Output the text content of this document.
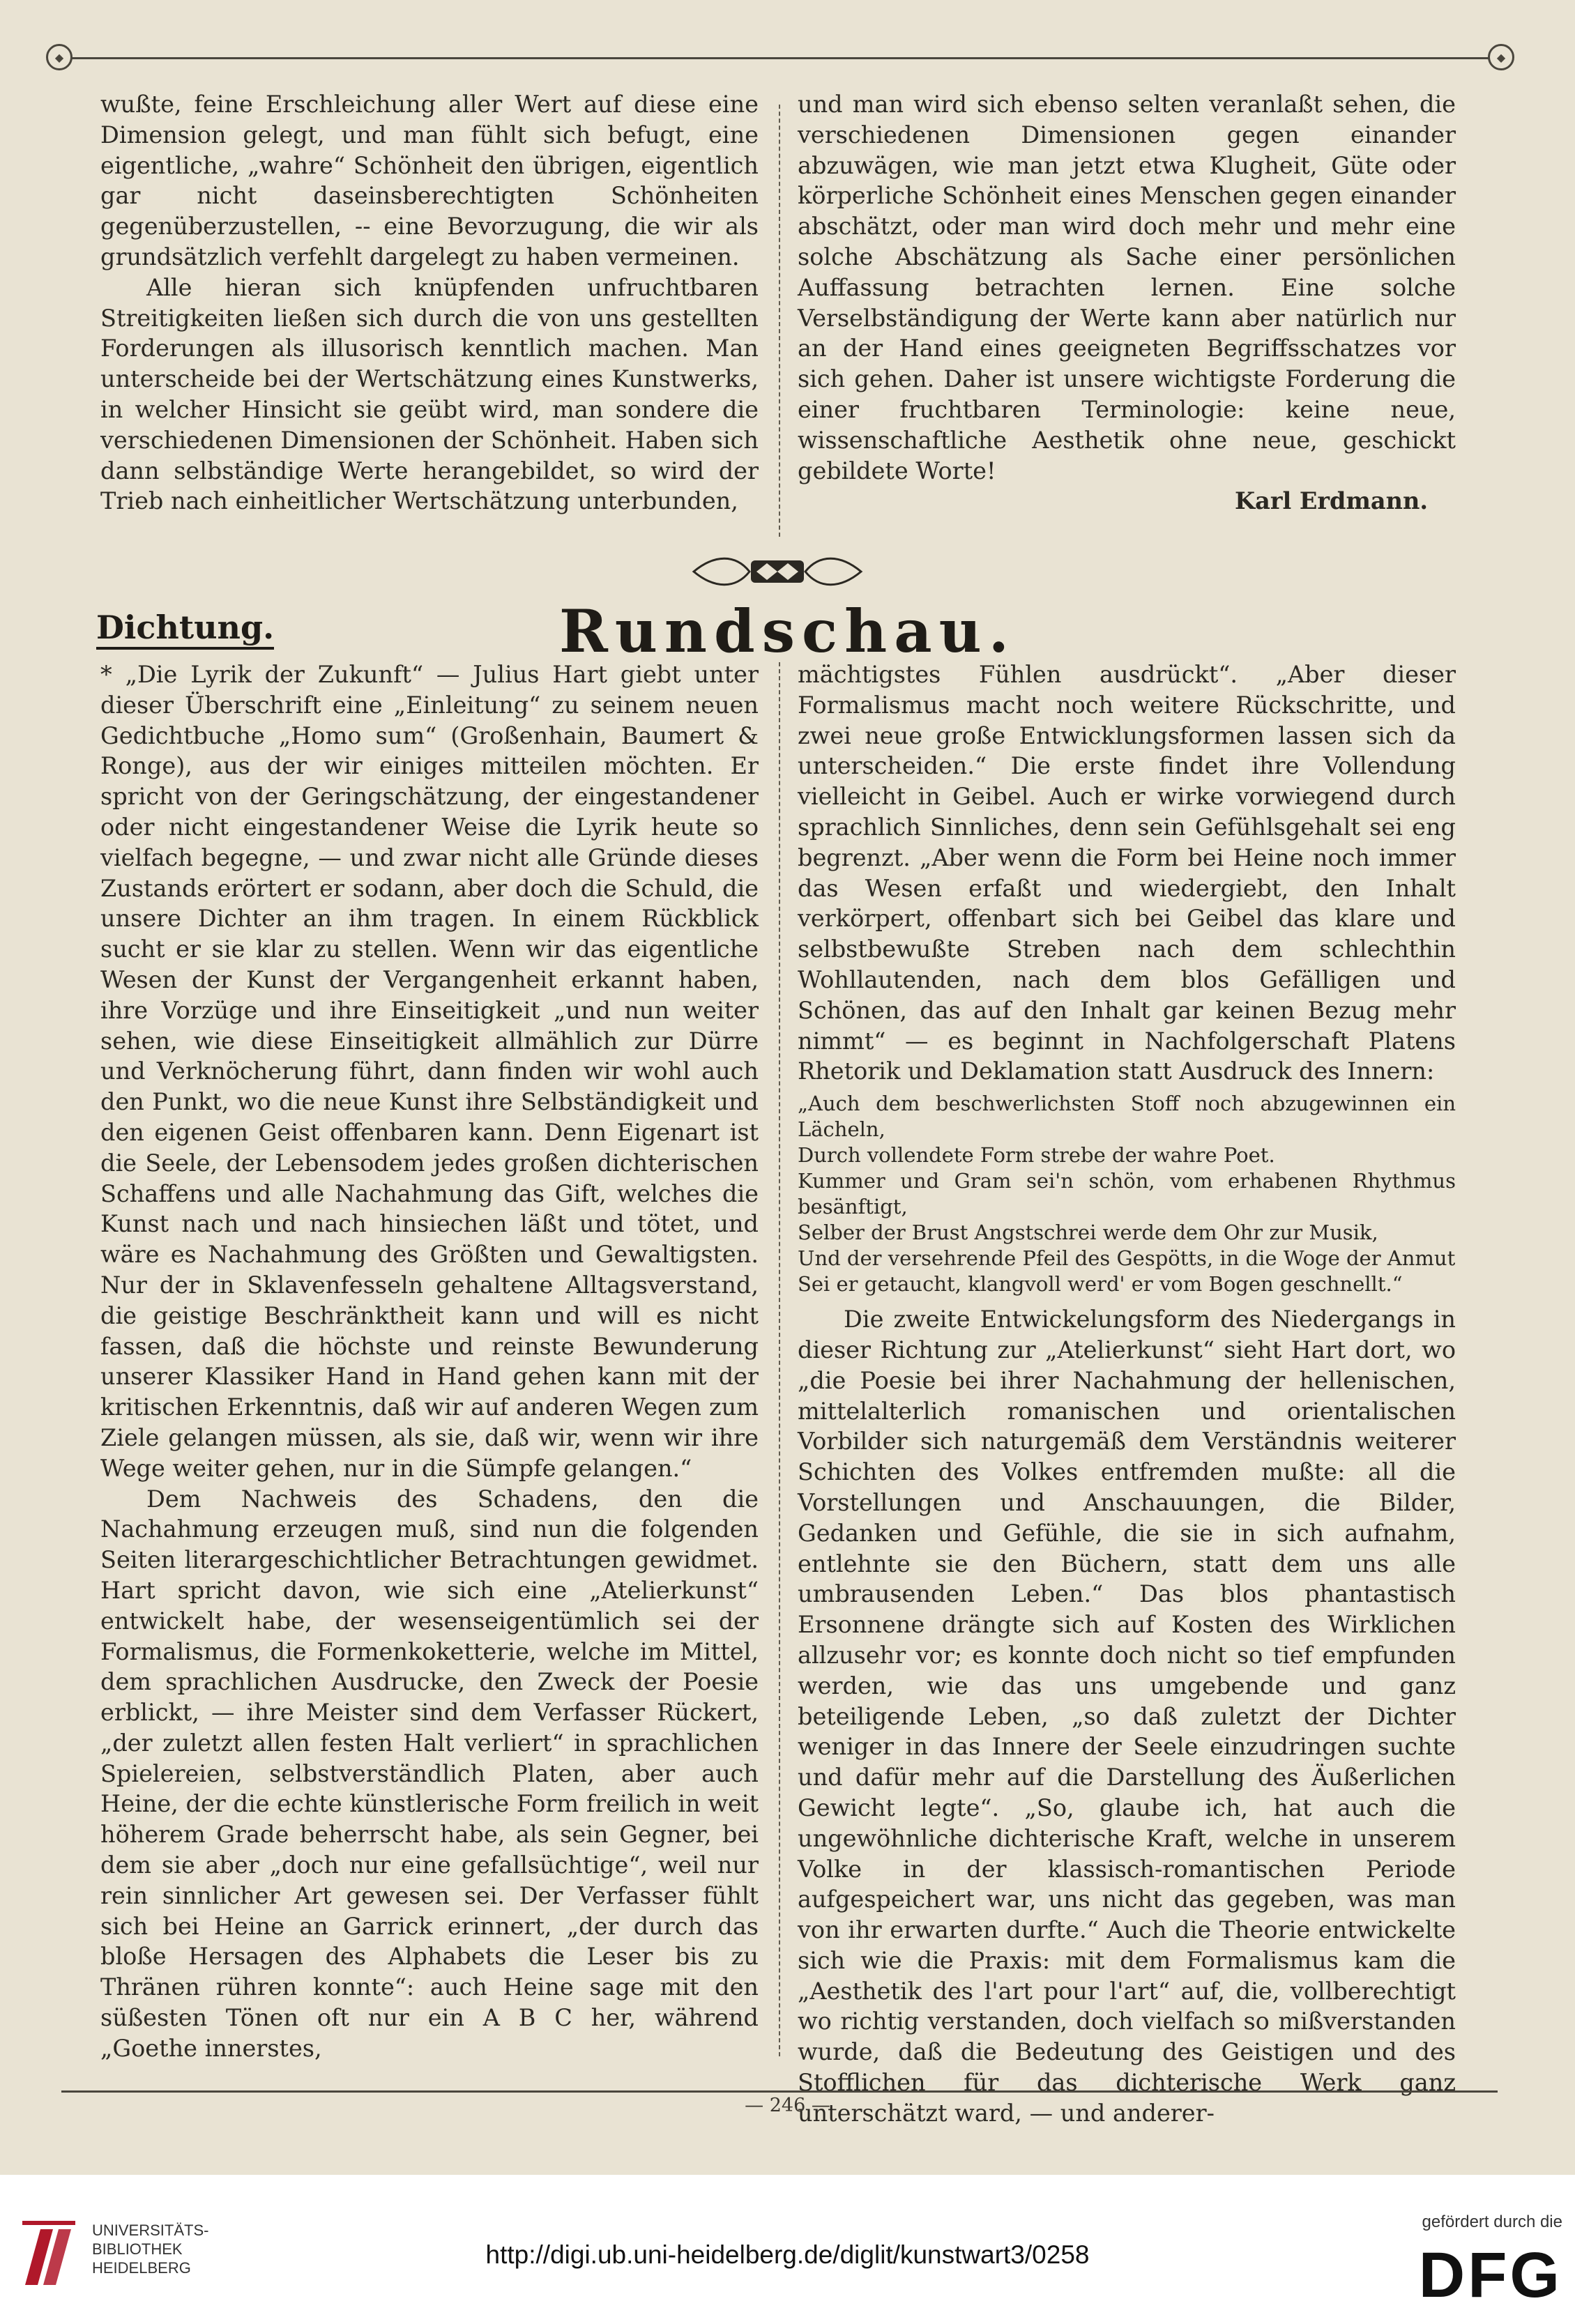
◆	◆

wußte, feine Erschleichung aller Wert auf diese eine Dimension gelegt, und man fühlt sich befugt, eine eigentliche, „wahre“ Schönheit den übrigen, eigentlich gar nicht daseinsberechtigten Schönheiten gegenüberzustellen, -- eine Bevorzugung, die wir als grundsätzlich verfehlt dargelegt zu haben vermeinen.

Alle hieran sich knüpfenden unfruchtbaren Streitigkeiten ließen sich durch die von uns gestellten Forderungen als illusorisch kenntlich machen. Man unterscheide bei der Wertschätzung eines Kunstwerks, in welcher Hinsicht sie geübt wird, man sondere die verschiedenen Dimensionen der Schönheit. Haben sich dann selbständige Werte herangebildet, so wird der Trieb nach einheitlicher Wertschätzung unterbunden,

und man wird sich ebenso selten veranlaßt sehen, die verschiedenen Dimensionen gegen einander abzuwägen, wie man jetzt etwa Klugheit, Güte oder körperliche Schönheit eines Menschen gegen einander abschätzt, oder man wird doch mehr und mehr eine solche Abschätzung als Sache einer persönlichen Auffassung betrachten lernen. Eine solche Verselbständigung der Werte kann aber natürlich nur an der Hand eines geeigneten Begriffsschatzes vor sich gehen. Daher ist unsere wichtigste Forderung die einer fruchtbaren Terminologie: keine neue, wissenschaftliche Aesthetik ohne neue, geschickt gebildete Worte!

Karl Erdmann.

Dichtung.	Rundschau.

* „Die Lyrik der Zukunft“ — Julius Hart giebt unter dieser Überschrift eine „Einleitung“ zu seinem neuen Gedichtbuche „Homo sum“ (Großenhain, Baumert & Ronge), aus der wir einiges mitteilen möchten. Er spricht von der Geringschätzung, der eingestandener oder nicht eingestandener Weise die Lyrik heute so vielfach begegne, — und zwar nicht alle Gründe dieses Zustands erörtert er sodann, aber doch die Schuld, die unsere Dichter an ihm tragen. In einem Rückblick sucht er sie klar zu stellen. Wenn wir das eigentliche Wesen der Kunst der Vergangenheit erkannt haben, ihre Vorzüge und ihre Einseitigkeit „und nun weiter sehen, wie diese Einseitigkeit allmählich zur Dürre und Verknöcherung führt, dann finden wir wohl auch den Punkt, wo die neue Kunst ihre Selbständigkeit und den eigenen Geist offenbaren kann. Denn Eigenart ist die Seele, der Lebensodem jedes großen dichterischen Schaffens und alle Nachahmung das Gift, welches die Kunst nach und nach hinsiechen läßt und tötet, und wäre es Nachahmung des Größten und Gewaltigsten. Nur der in Sklavenfesseln gehaltene Alltagsverstand, die geistige Beschränktheit kann und will es nicht fassen, daß die höchste und reinste Bewunderung unserer Klassiker Hand in Hand gehen kann mit der kritischen Erkenntnis, daß wir auf anderen Wegen zum Ziele gelangen müssen, als sie, daß wir, wenn wir ihre Wege weiter gehen, nur in die Sümpfe gelangen.“

Dem Nachweis des Schadens, den die Nachahmung erzeugen muß, sind nun die folgenden Seiten literargeschichtlicher Betrachtungen gewidmet. Hart spricht davon, wie sich eine „Atelierkunst“ entwickelt habe, der wesenseigentümlich sei der Formalismus, die Formenkoketterie, welche im Mittel, dem sprachlichen Ausdrucke, den Zweck der Poesie erblickt, — ihre Meister sind dem Verfasser Rückert, „der zuletzt allen festen Halt verliert“ in sprachlichen Spielereien, selbstverständlich Platen, aber auch Heine, der die echte künstlerische Form freilich in weit höherem Grade beherrscht habe, als sein Gegner, bei dem sie aber „doch nur eine gefallsüchtige“, weil nur rein sinnlicher Art gewesen sei. Der Verfasser fühlt sich bei Heine an Garrick erinnert, „der durch das bloße Hersagen des Alphabets die Leser bis zu Thränen rühren konnte“: auch Heine sage mit den süßesten Tönen oft nur ein A B C her, während „Goethe innerstes,

mächtigstes Fühlen ausdrückt“. „Aber dieser Formalismus macht noch weitere Rückschritte, und zwei neue große Entwicklungsformen lassen sich da unterscheiden.“ Die erste findet ihre Vollendung vielleicht in Geibel. Auch er wirke vorwiegend durch sprachlich Sinnliches, denn sein Gefühlsgehalt sei eng begrenzt. „Aber wenn die Form bei Heine noch immer das Wesen erfaßt und wiedergiebt, den Inhalt verkörpert, offenbart sich bei Geibel das klare und selbstbewußte Streben nach dem schlechthin Wohllautenden, nach dem blos Gefälligen und Schönen, das auf den Inhalt gar keinen Bezug mehr nimmt“ — es beginnt in Nachfolgerschaft Platens Rhetorik und Deklamation statt Ausdruck des Innern:

„Auch dem beschwerlichsten Stoff noch abzugewinnen ein Lächeln,

Durch vollendete Form strebe der wahre Poet.

Kummer und Gram sei'n schön, vom erhabenen Rhythmus besänftigt,

Selber der Brust Angstschrei werde dem Ohr zur Musik,

Und der versehrende Pfeil des Gespötts, in die Woge der Anmut

Sei er getaucht, klangvoll werd' er vom Bogen geschnellt.“

Die zweite Entwickelungsform des Niedergangs in dieser Richtung zur „Atelierkunst“ sieht Hart dort, wo „die Poesie bei ihrer Nachahmung der hellenischen, mittelalterlich romanischen und orientalischen Vorbilder sich naturgemäß dem Verständnis weiterer Schichten des Volkes entfremden mußte: all die Vorstellungen und Anschauungen, die Bilder, Gedanken und Gefühle, die sie in sich aufnahm, entlehnte sie den Büchern, statt dem uns alle umbrausenden Leben.“ Das blos phantastisch Ersonnene drängte sich auf Kosten des Wirklichen allzusehr vor; es konnte doch nicht so tief empfunden werden, wie das uns umgebende und ganz beteiligende Leben, „so daß zuletzt der Dichter weniger in das Innere der Seele einzudringen suchte und dafür mehr auf die Darstellung des Äußerlichen Gewicht legte“. „So, glaube ich, hat auch die ungewöhnliche dichterische Kraft, welche in unserem Volke in der klassisch-romantischen Periode aufgespeichert war, uns nicht das gegeben, was man von ihr erwarten durfte.“ Auch die Theorie entwickelte sich wie die Praxis: mit dem Formalismus kam die „Aesthetik des l'art pour l'art“ auf, die, vollberechtigt wo richtig verstanden, doch vielfach so mißverstanden wurde, daß die Bedeutung des Geistigen und des Stofflichen für das dichterische Werk ganz unterschätzt ward, — und anderer-

— 246 —
UNIVERSITÄTS-
BIBLIOTHEK
HEIDELBERG	http://digi.ub.uni-heidelberg.de/diglit/kunstwart3/0258
gefördert durch die
DFG
